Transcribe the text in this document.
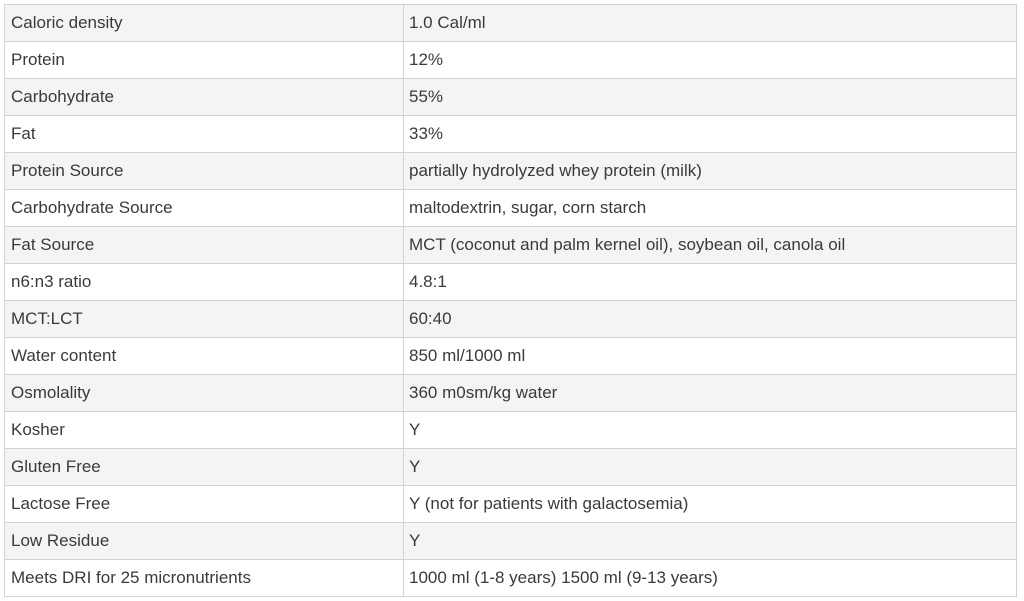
Caloric density	1.0 Cal/ml
Protein	12%
Carbohydrate	55%
Fat	33%
Protein Source	partially hydrolyzed whey protein (milk)
Carbohydrate Source	maltodextrin, sugar, corn starch
Fat Source	MCT (coconut and palm kernel oil), soybean oil, canola oil
n6:n3 ratio	4.8:1
MCT:LCT	60:40
Water content	850 ml/1000 ml
Osmolality	360 m0sm/kg water
Kosher	Y
Gluten Free	Y
Lactose Free	Y (not for patients with galactosemia)
Low Residue	Y
Meets DRI for 25 micronutrients	1000 ml (1-8 years) 1500 ml (9-13 years)
